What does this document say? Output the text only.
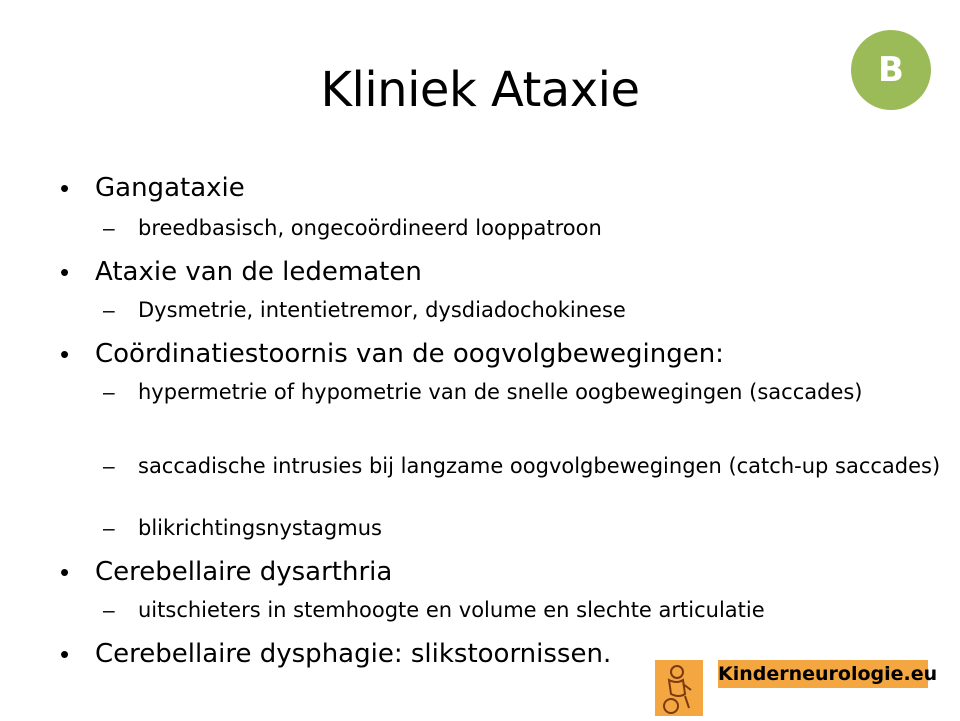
Kliniek Ataxie	B
• Gangataxie
– breedbasisch, ongecoördineerd looppatroon
• Ataxie van de ledematen
– Dysmetrie, intentietremor, dysdiadochokinese
• Coördinatiestoornis van de oogvolgbewegingen:
– hypermetrie of hypometrie van de snelle oogbewegingen (saccades)
– saccadische intrusies bij langzame oogvolgbewegingen (catch-up saccades)
– blikrichtingsnystagmus
• Cerebellaire dysarthria
– uitschieters in stemhoogte en volume en slechte articulatie
• Cerebellaire dysphagie: slikstoornissen.
Kinderneurologie.eu
